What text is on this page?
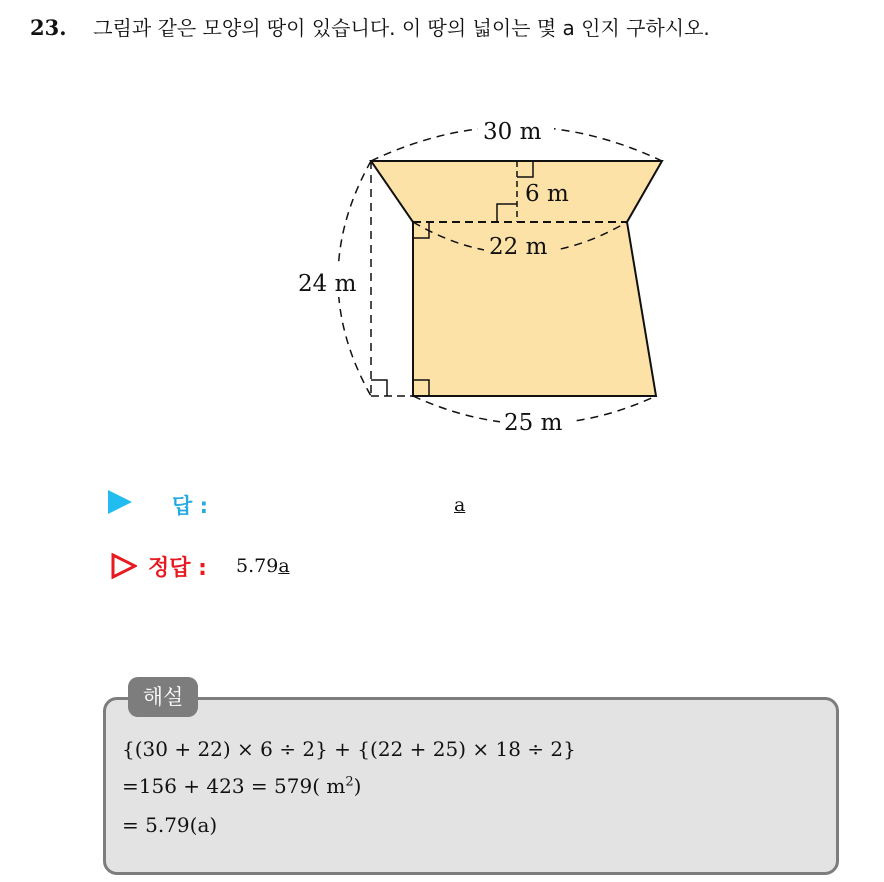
23. 그림과 같은 모양의 땅이 있습니다. 이 땅의 넓이는 몇 a 인지 구하시오.
30 m
6 m
22 m
24 m
25 m
답 :	a
정답 : 5.79a
해설
{(30 + 22) × 6 ÷ 2} + {(22 + 25) × 18 ÷ 2}
=156 + 423 = 579( $m^2$)
= 5.79(a)
